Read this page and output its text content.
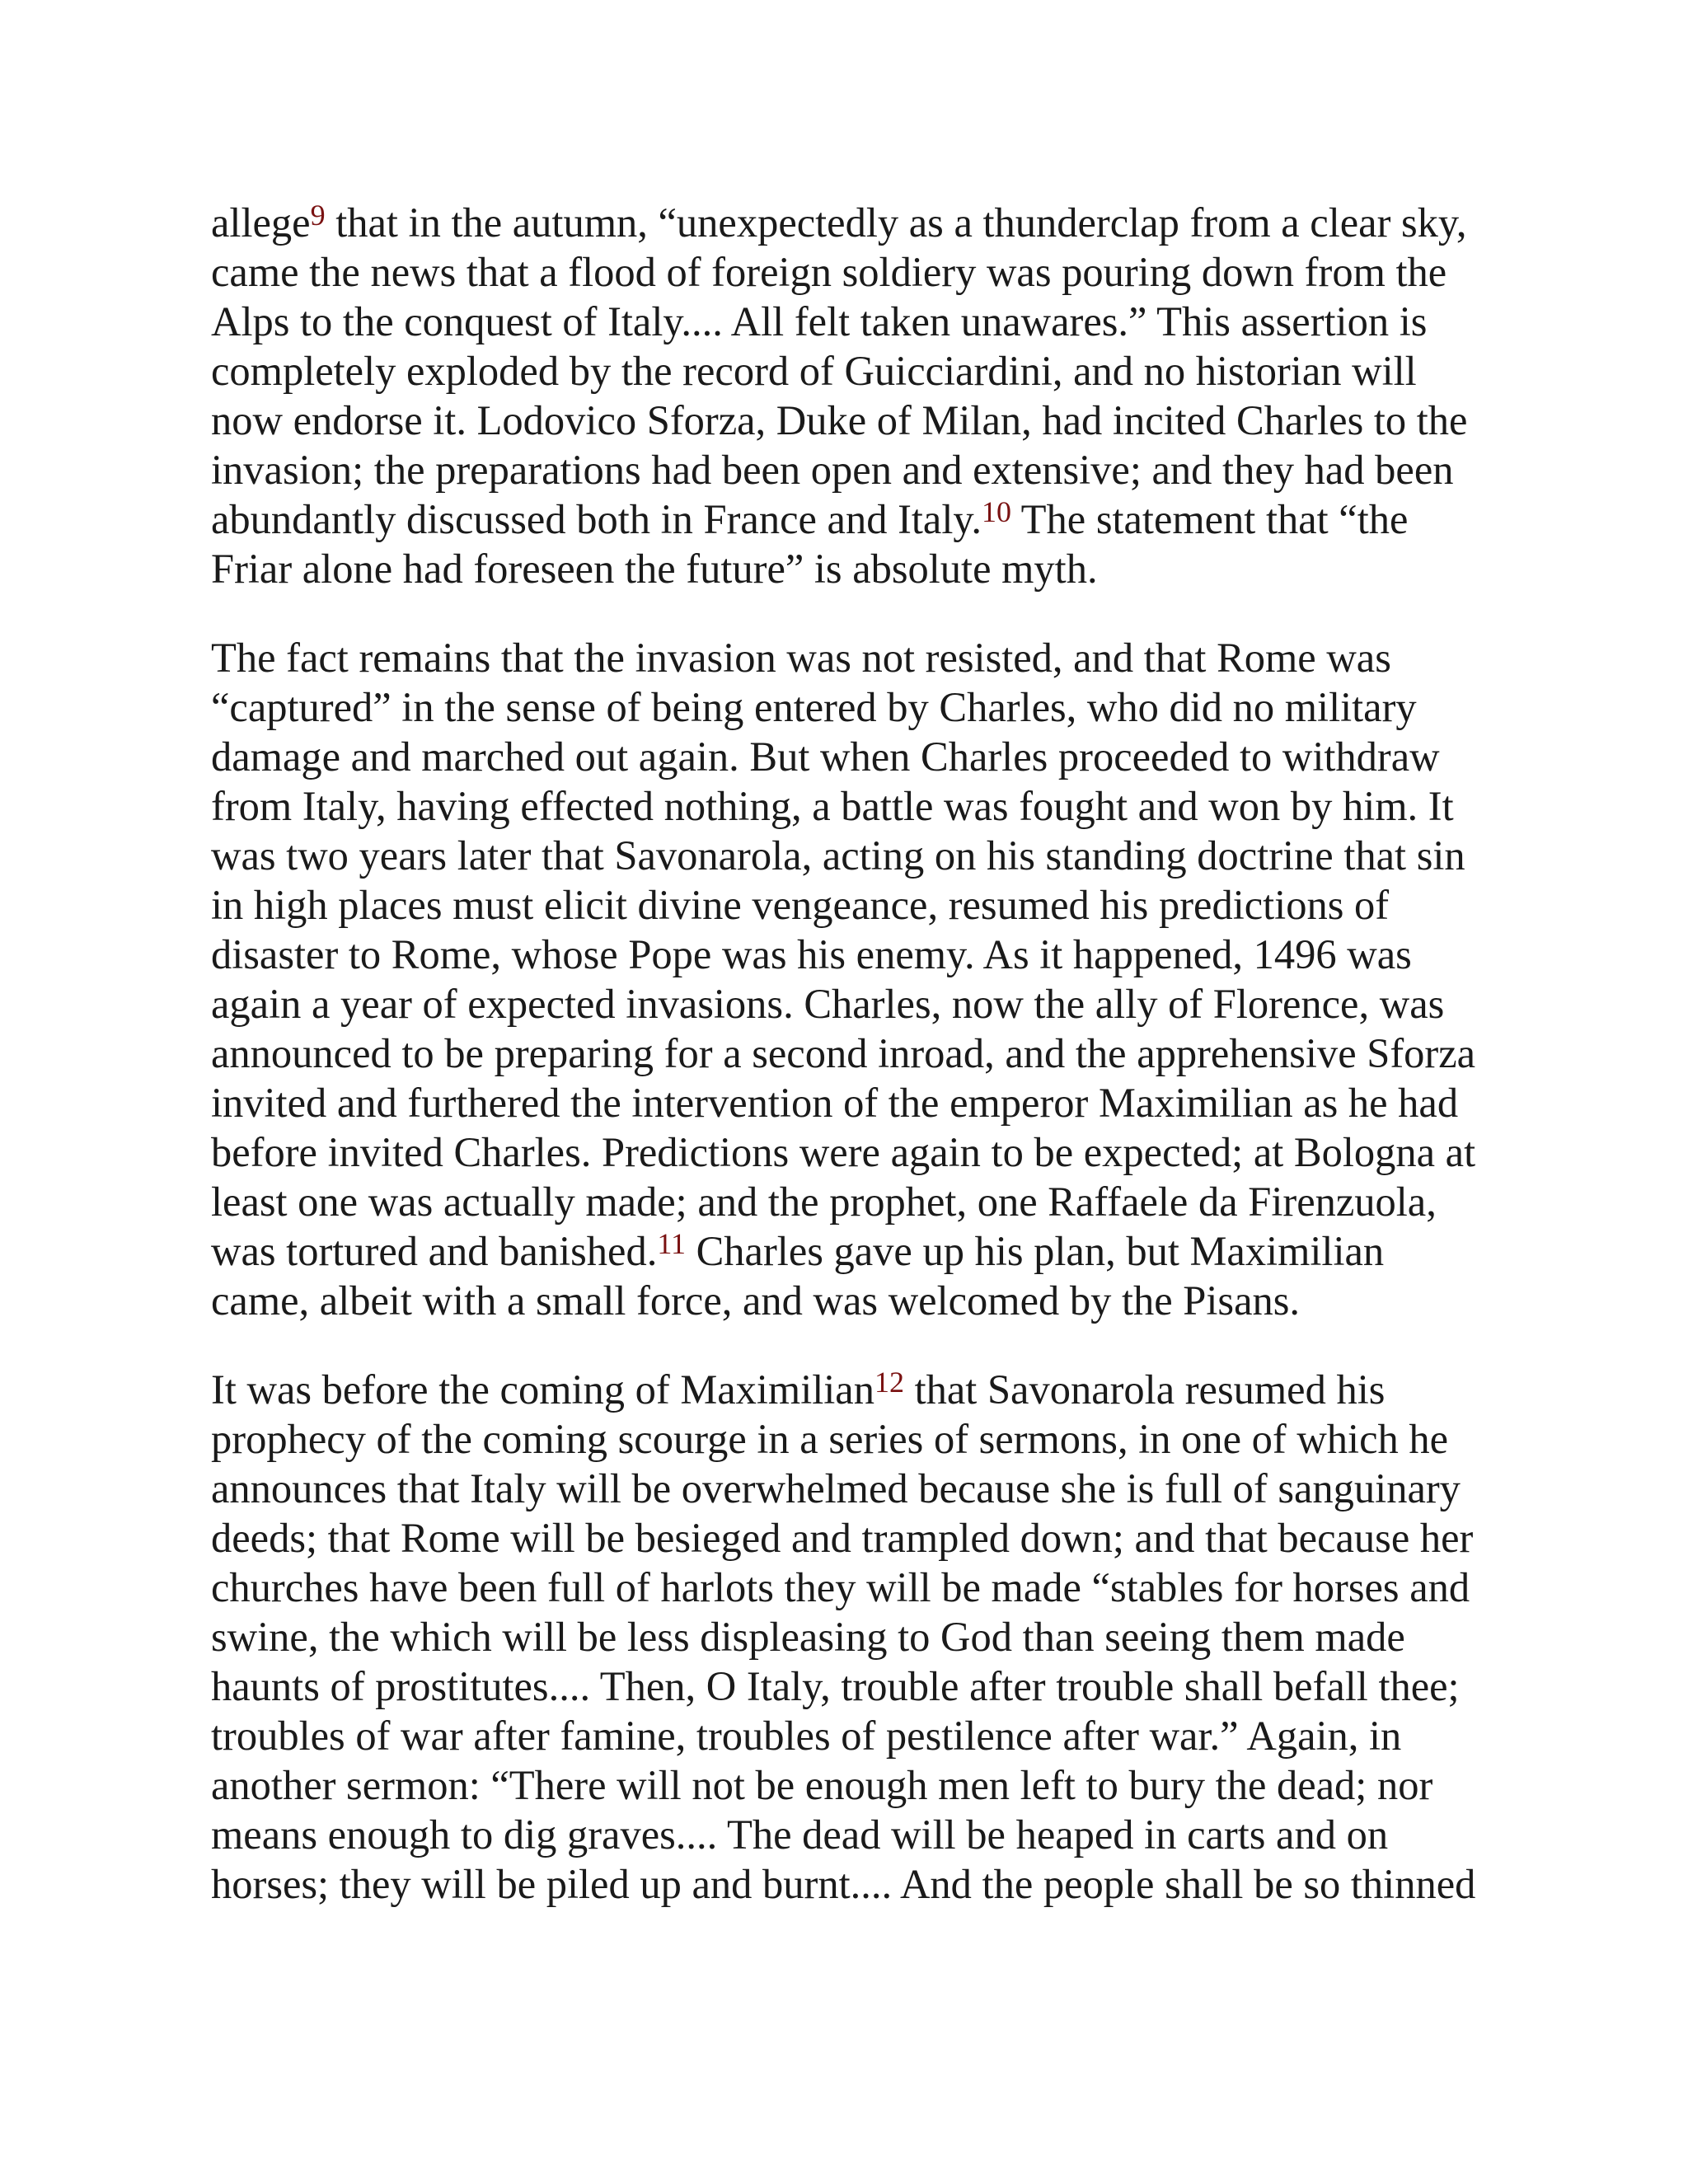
allege$^9$ that in the autumn, “unexpectedly as a thunderclap from a clear sky,
came the news that a flood of foreign soldiery was pouring down from the
Alps to the conquest of Italy.... All felt taken unawares.” This assertion is
completely exploded by the record of Guicciardini, and no historian will
now endorse it. Lodovico Sforza, Duke of Milan, had incited Charles to the
invasion; the preparations had been open and extensive; and they had been
abundantly discussed both in France and Italy.$^{10}$ The statement that “the
Friar alone had foreseen the future” is absolute myth.

The fact remains that the invasion was not resisted, and that Rome was
“captured” in the sense of being entered by Charles, who did no military
damage and marched out again. But when Charles proceeded to withdraw
from Italy, having effected nothing, a battle was fought and won by him. It
was two years later that Savonarola, acting on his standing doctrine that sin
in high places must elicit divine vengeance, resumed his predictions of
disaster to Rome, whose Pope was his enemy. As it happened, 1496 was
again a year of expected invasions. Charles, now the ally of Florence, was
announced to be preparing for a second inroad, and the apprehensive Sforza
invited and furthered the intervention of the emperor Maximilian as he had
before invited Charles. Predictions were again to be expected; at Bologna at
least one was actually made; and the prophet, one Raffaele da Firenzuola,
was tortured and banished.$^{11}$ Charles gave up his plan, but Maximilian
came, albeit with a small force, and was welcomed by the Pisans.

It was before the coming of Maximilian$^{12}$ that Savonarola resumed his
prophecy of the coming scourge in a series of sermons, in one of which he
announces that Italy will be overwhelmed because she is full of sanguinary
deeds; that Rome will be besieged and trampled down; and that because her
churches have been full of harlots they will be made “stables for horses and
swine, the which will be less displeasing to God than seeing them made
haunts of prostitutes.... Then, O Italy, trouble after trouble shall befall thee;
troubles of war after famine, troubles of pestilence after war.” Again, in
another sermon: “There will not be enough men left to bury the dead; nor
means enough to dig graves.... The dead will be heaped in carts and on
horses; they will be piled up and burnt.... And the people shall be so thinned
